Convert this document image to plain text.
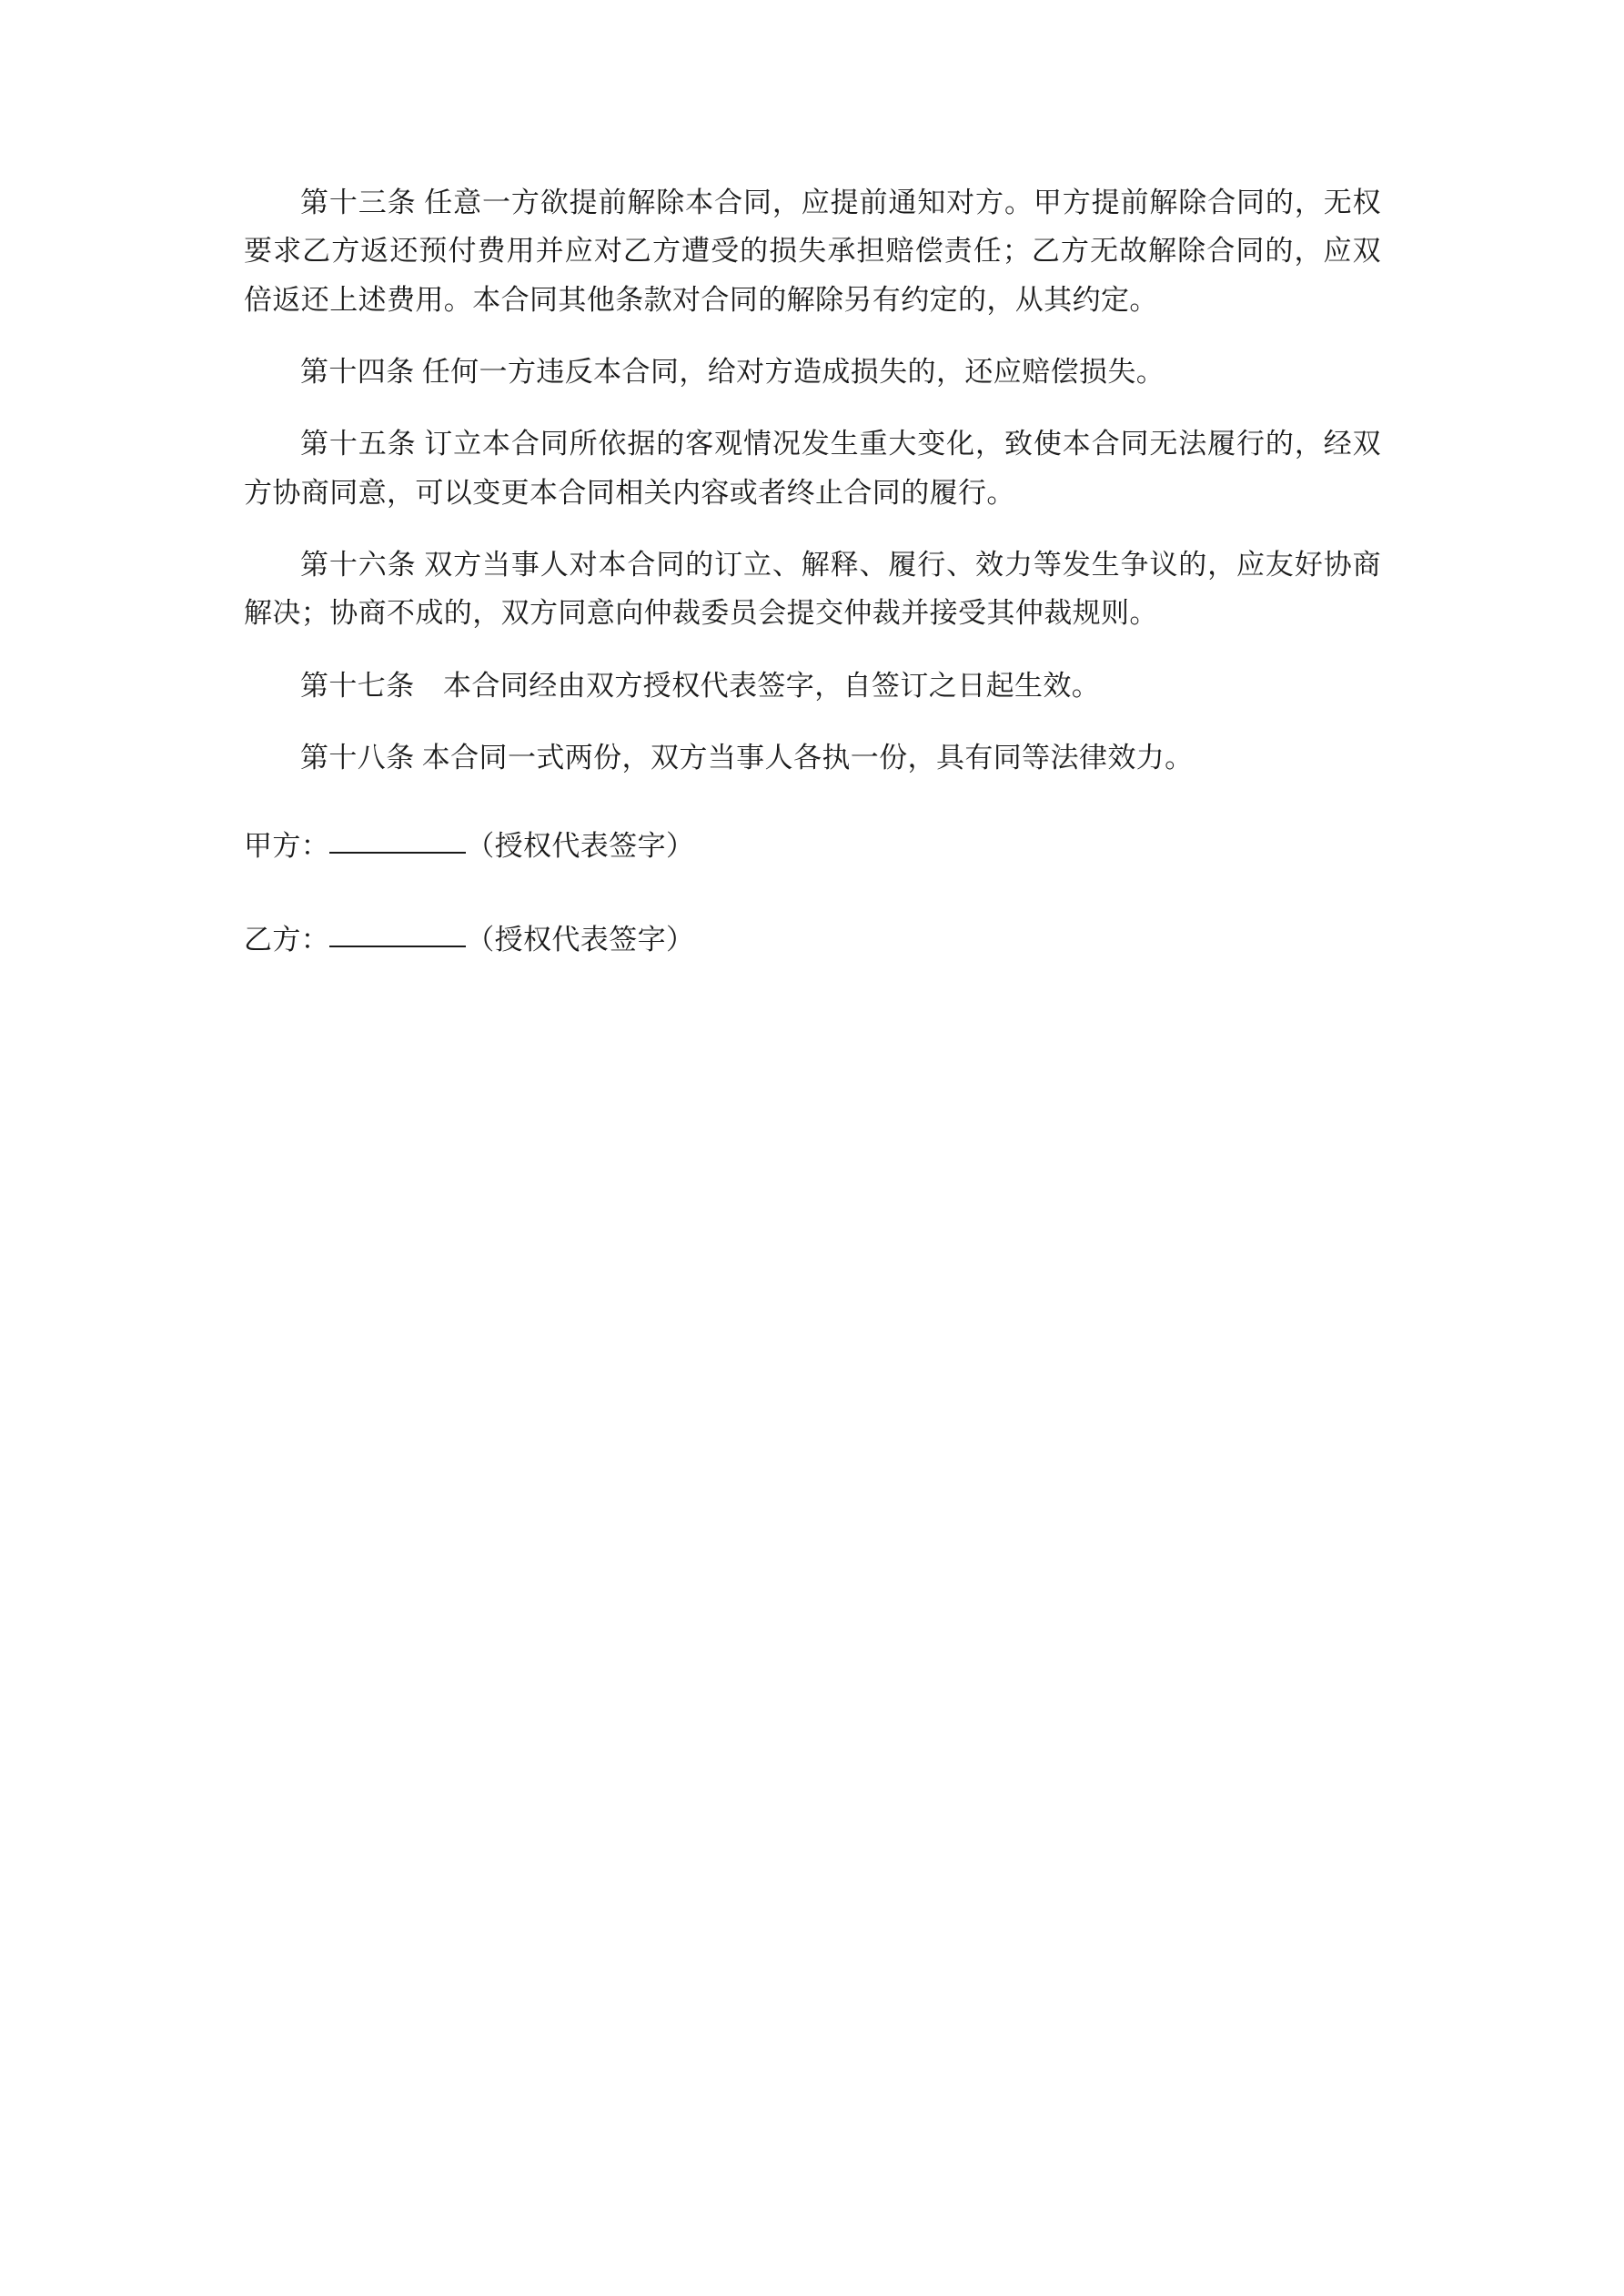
第十三条 任意一方欲提前解除本合同，应提前通知对方。甲方提前解除合同的，无权要求乙方返还预付费用并应对乙方遭受的损失承担赔偿责任；乙方无故解除合同的，应双倍返还上述费用。本合同其他条款对合同的解除另有约定的，从其约定。

第十四条 任何一方违反本合同，给对方造成损失的，还应赔偿损失。

第十五条 订立本合同所依据的客观情况发生重大变化，致使本合同无法履行的，经双方协商同意，可以变更本合同相关内容或者终止合同的履行。

第十六条 双方当事人对本合同的订立、解释、履行、效力等发生争议的，应友好协商解决；协商不成的，双方同意向仲裁委员会提交仲裁并接受其仲裁规则。

第十七条　本合同经由双方授权代表签字，自签订之日起生效。

第十八条 本合同一式两份，双方当事人各执一份，具有同等法律效力。

甲方：	（授权代表签字）

乙方：	（授权代表签字）
